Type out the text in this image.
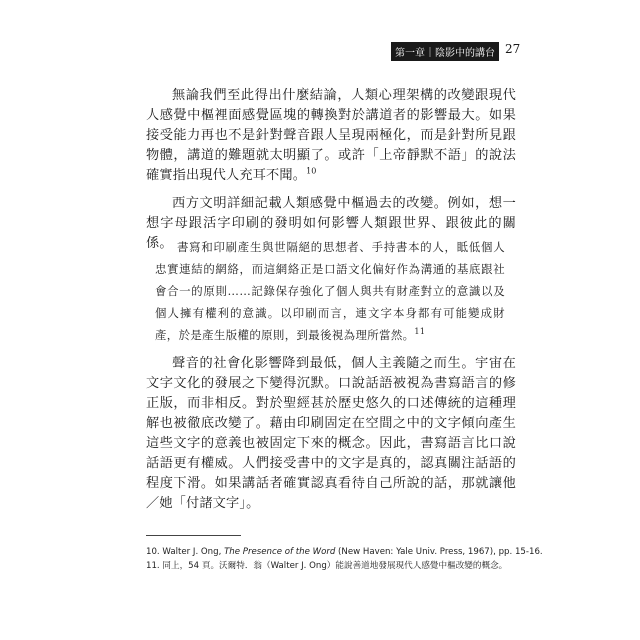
第一章｜陰影中的講台 27

無論我們至此得出什麼結論，人類心理架構的改變跟現代人感覺中樞裡面感覺區塊的轉換對於講道者的影響最大。如果接受能力再也不是針對聲音跟人呈現兩極化，而是針對所見跟物體，講道的難題就太明顯了。或許「上帝靜默不語」的說法確實指出現代人充耳不聞。$^{10}$

西方文明詳細記載人類感覺中樞過去的改變。例如，想一想字母跟活字印刷的發明如何影響人類跟世界、跟彼此的關係。 書寫和印刷產生與世隔絕的思想者、手持書本的人，眡低個人忠實連結的網絡，而這網絡正是口語文化偏好作為溝通的基底跟社會合一的原則……記錄保存強化了個人與共有財產對立的意識以及個人擁有權利的意識。以印刷而言，連文字本身都有可能變成財產，於是產生版權的原則，到最後視為理所當然。$^{11}$

聲音的社會化影響降到最低，個人主義隨之而生。宇宙在文字文化的發展之下變得沉默。口說話語被視為書寫語言的修正版，而非相反。對於聖經甚於歷史悠久的口述傳統的這種理解也被徹底改變了。藉由印刷固定在空間之中的文字傾向產生這些文字的意義也被固定下來的概念。因此，書寫語言比口說話語更有權威。人們接受書中的文字是真的，認真關注話語的程度下滑。如果講話者確實認真看待自己所說的話，那就讓他／她「付諸文字」。

10. Walter J. Ong, The Presence of the Word (New Haven: Yale Univ. Press, 1967), pp. 15-16.
11. 同上，54 頁。沃爾特．翁（Walter J. Ong）能說善道地發展現代人感覺中樞改變的概念。
